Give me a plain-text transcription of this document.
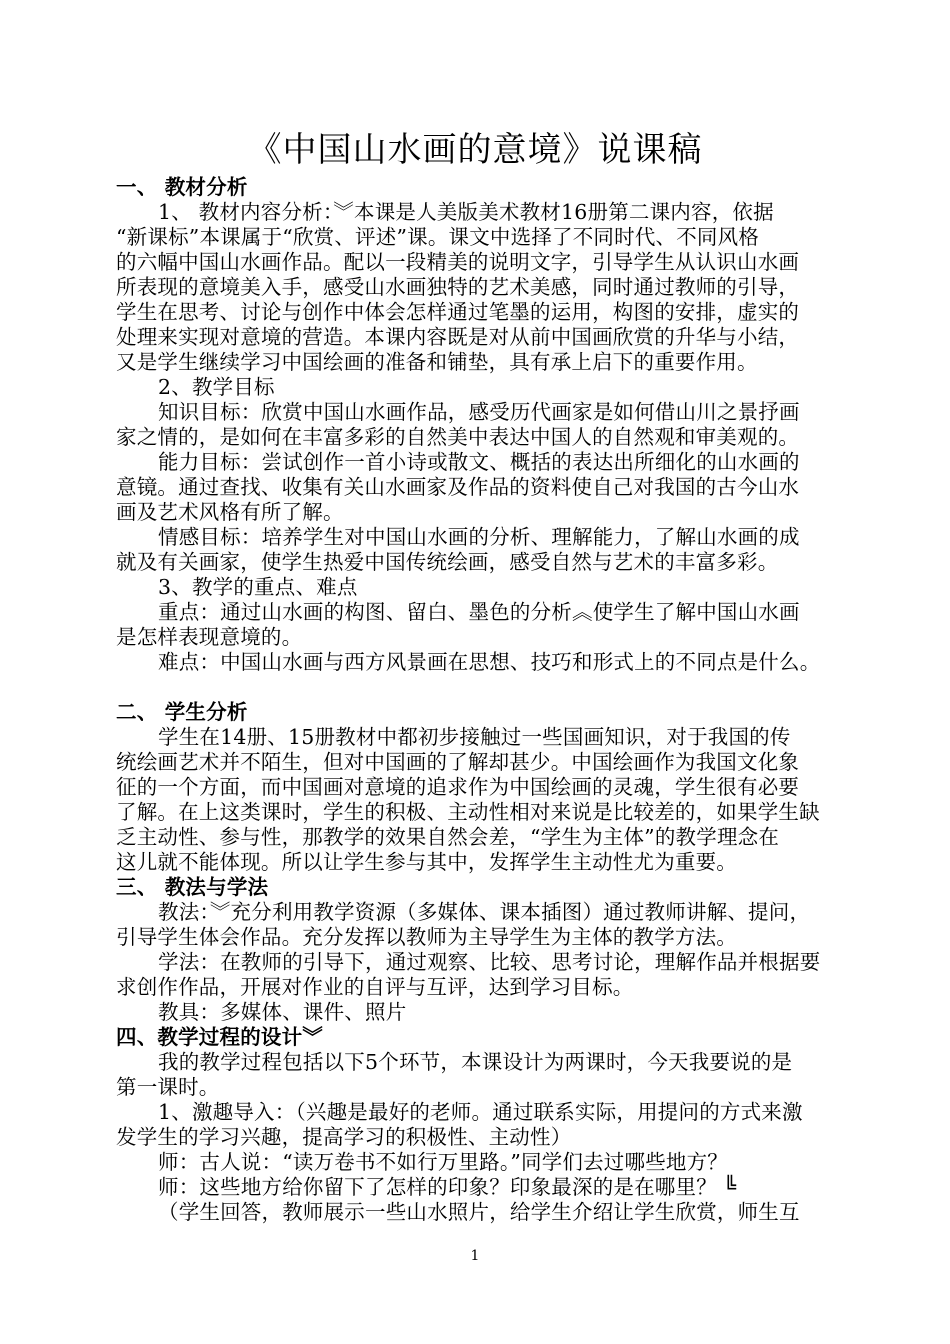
《中国山水画的意境》说课稿
一、 教材分析
1、 教材内容分析：︾本课是人美版美术教材16册第二课内容，依据
“新课标”本课属于“欣赏、评述”课。课文中选择了不同时代、不同风格
的六幅中国山水画作品。配以一段精美的说明文字，引导学生从认识山水画
所表现的意境美入手，感受山水画独特的艺术美感，同时通过教师的引导，
学生在思考、讨论与创作中体会怎样通过笔墨的运用，构图的安排，虚实的
处理来实现对意境的营造。本课内容既是对从前中国画欣赏的升华与小结，
又是学生继续学习中国绘画的准备和铺垫，具有承上启下的重要作用。
2、教学目标
知识目标：欣赏中国山水画作品，感受历代画家是如何借山川之景抒画
家之情的，是如何在丰富多彩的自然美中表达中国人的自然观和审美观的。
能力目标：尝试创作一首小诗或散文、概括的表达出所细化的山水画的
意镜。通过查找、收集有关山水画家及作品的资料使自己对我国的古今山水
画及艺术风格有所了解。
情感目标：培养学生对中国山水画的分析、理解能力，了解山水画的成
就及有关画家，使学生热爱中国传统绘画，感受自然与艺术的丰富多彩。
3、教学的重点、难点
重点：通过山水画的构图、留白、墨色的分析︽使学生了解中国山水画
是怎样表现意境的。
难点：中国山水画与西方风景画在思想、技巧和形式上的不同点是什么。
二、 学生分析
学生在14册、15册教材中都初步接触过一些国画知识，对于我国的传
统绘画艺术并不陌生，但对中国画的了解却甚少。中国绘画作为我国文化象
征的一个方面，而中国画对意境的追求作为中国绘画的灵魂，学生很有必要
了解。在上这类课时，学生的积极、主动性相对来说是比较差的，如果学生缺
乏主动性、参与性，那教学的效果自然会差，“学生为主体”的教学理念在
这儿就不能体现。所以让学生参与其中，发挥学生主动性尤为重要。
三、 教法与学法
教法：︾充分利用教学资源（多媒体、课本插图）通过教师讲解、提问，
引导学生体会作品。充分发挥以教师为主导学生为主体的教学方法。
学法：在教师的引导下，通过观察、比较、思考讨论，理解作品并根据要
求创作作品，开展对作业的自评与互评，达到学习目标。
教具：多媒体、课件、照片
四、教学过程的设计︾
我的教学过程包括以下5个环节，本课设计为两课时，今天我要说的是
第一课时。
1、激趣导入：（兴趣是最好的老师。通过联系实际，用提问的方式来激
发学生的学习兴趣，提高学习的积极性、主动性）
师：古人说：“读万卷书不如行万里路。”同学们去过哪些地方？
师：这些地方给你留下了怎样的印象？印象最深的是在哪里？ ╚
（学生回答，教师展示一些山水照片，给学生介绍让学生欣赏，师生互
1
